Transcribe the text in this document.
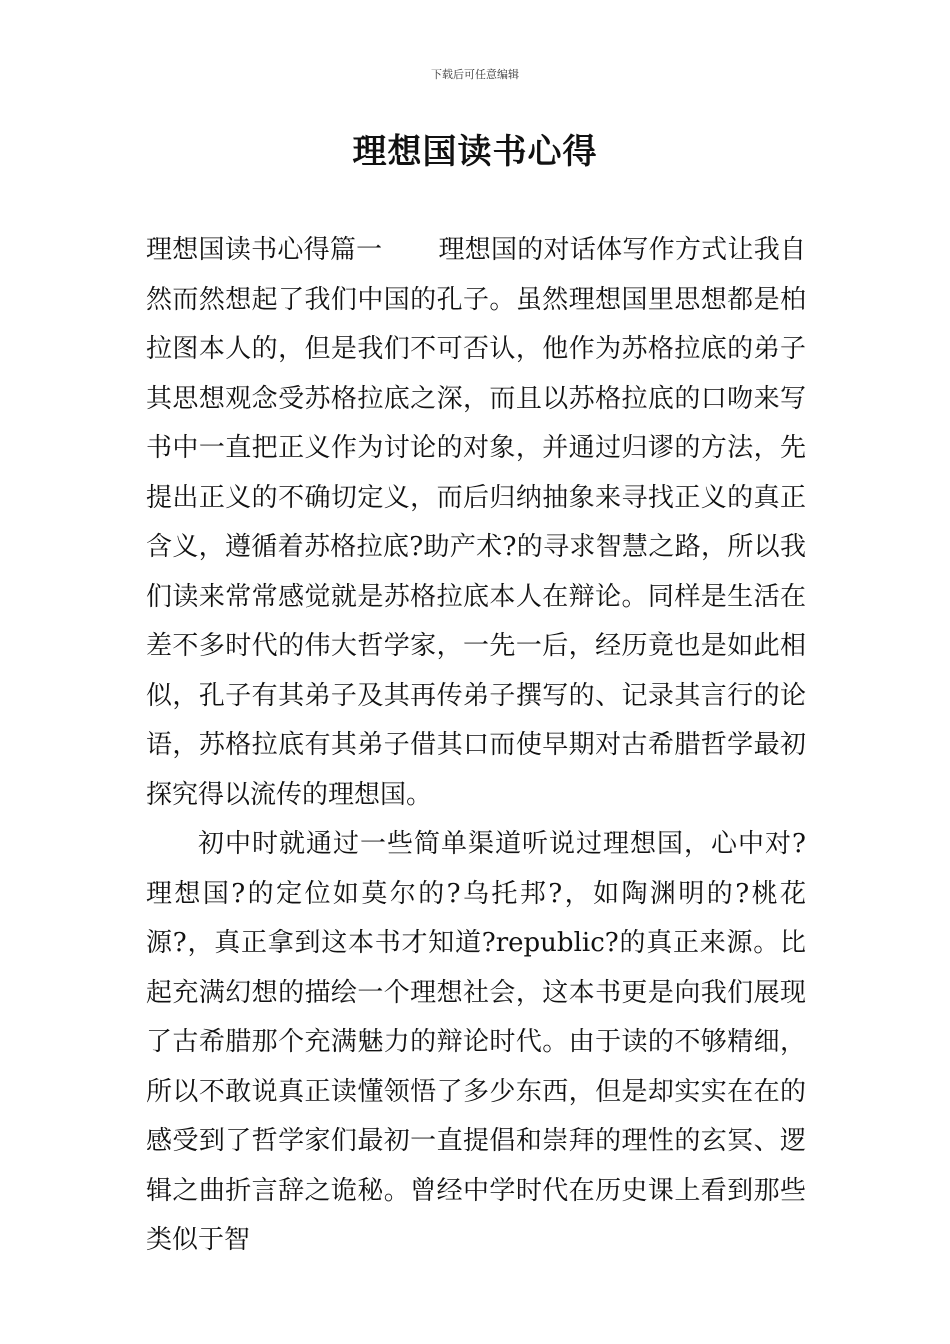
下载后可任意编辑
理想国读书心得

理想国读书心得篇一 理想国的对话体写作方式让我自然而然想起了我们中国的孔子。虽然理想国里思想都是柏拉图本人的，但是我们不可否认，他作为苏格拉底的弟子其思想观念受苏格拉底之深，而且以苏格拉底的口吻来写书中一直把正义作为讨论的对象，并通过归谬的方法，先提出正义的不确切定义，而后归纳抽象来寻找正义的真正含义，遵循着苏格拉底?助产术?的寻求智慧之路，所以我们读来常常感觉就是苏格拉底本人在辩论。同样是生活在差不多时代的伟大哲学家，一先一后，经历竟也是如此相似，孔子有其弟子及其再传弟子撰写的、记录其言行的论语，苏格拉底有其弟子借其口而使早期对古希腊哲学最初探究得以流传的理想国。

初中时就通过一些简单渠道听说过理想国，心中对?理想国?的定位如莫尔的?乌托邦?，如陶渊明的?桃花源?，真正拿到这本书才知道?republic?的真正来源。比起充满幻想的描绘一个理想社会，这本书更是向我们展现了古希腊那个充满魅力的辩论时代。由于读的不够精细，所以不敢说真正读懂领悟了多少东西，但是却实实在在的感受到了哲学家们最初一直提倡和崇拜的理性的玄冥、逻辑之曲折言辞之诡秘。曾经中学时代在历史课上看到那些类似于智
